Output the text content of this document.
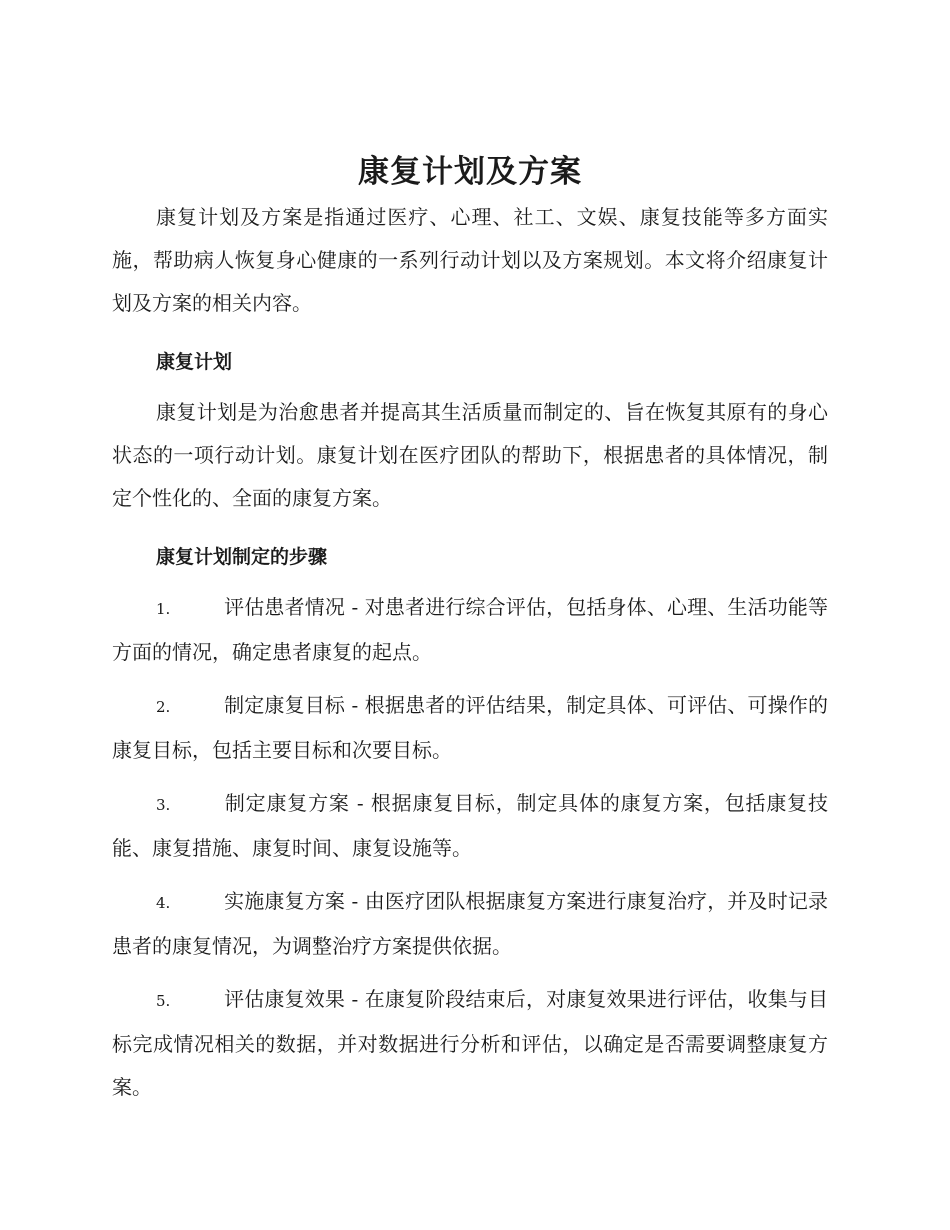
康复计划及方案

康复计划及方案是指通过医疗、心理、社工、文娱、康复技能等多方面实施，帮助病人恢复身心健康的一系列行动计划以及方案规划。本文将介绍康复计划及方案的相关内容。

康复计划

康复计划是为治愈患者并提高其生活质量而制定的、旨在恢复其原有的身心状态的一项行动计划。康复计划在医疗团队的帮助下，根据患者的具体情况，制定个性化的、全面的康复方案。

康复计划制定的步骤
1.	评估患者情况 - 对患者进行综合评估，包括身体、心理、生活功能等方面的情况，确定患者康复的起点。
2.	制定康复目标 - 根据患者的评估结果，制定具体、可评估、可操作的康复目标，包括主要目标和次要目标。
3.	制定康复方案 - 根据康复目标，制定具体的康复方案，包括康复技能、康复措施、康复时间、康复设施等。
4.	实施康复方案 - 由医疗团队根据康复方案进行康复治疗，并及时记录患者的康复情况，为调整治疗方案提供依据。
5.	评估康复效果 - 在康复阶段结束后，对康复效果进行评估，收集与目标完成情况相关的数据，并对数据进行分析和评估，以确定是否需要调整康复方案。
